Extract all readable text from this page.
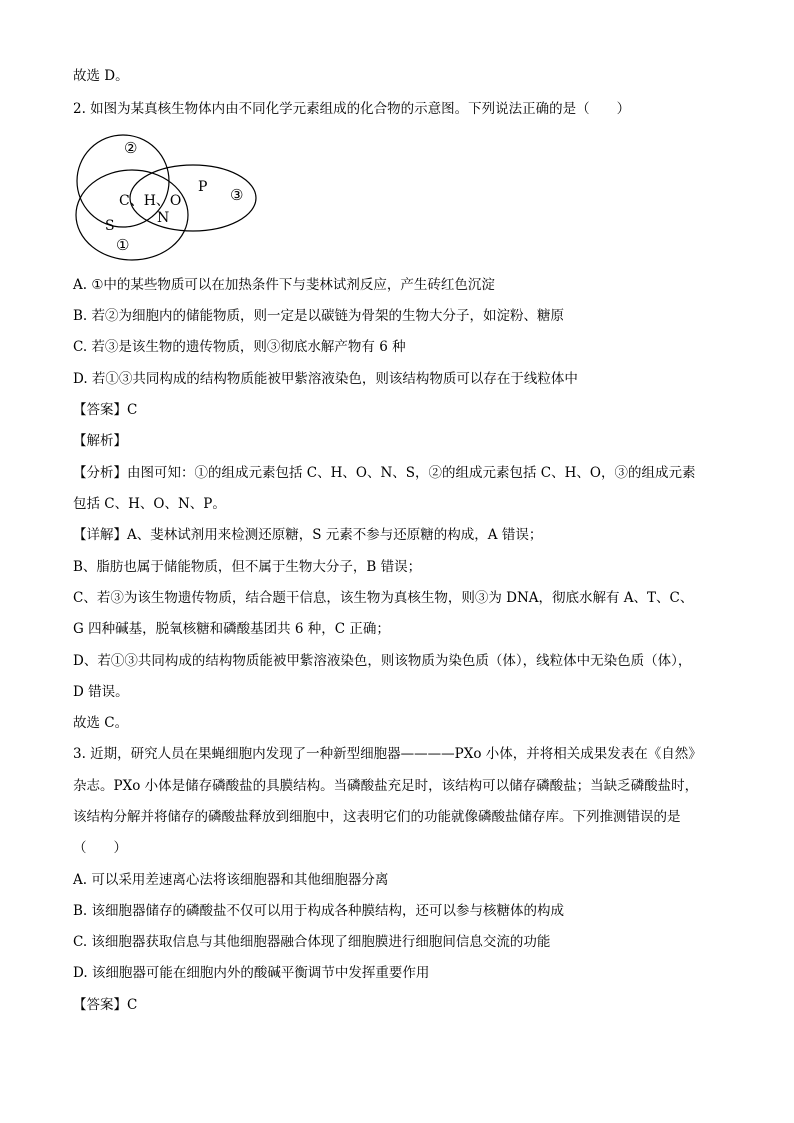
故选 D。
2. 如图为某真核生物体内由不同化学元素组成的化合物的示意图。下列说法正确的是（　　）
②
③
①
C、H、O
N
P
S
A. ①中的某些物质可以在加热条件下与斐林试剂反应，产生砖红色沉淀
B. 若②为细胞内的储能物质，则一定是以碳链为骨架的生物大分子，如淀粉、糖原
C. 若③是该生物的遗传物质，则③彻底水解产物有 6 种
D. 若①③共同构成的结构物质能被甲紫溶液染色，则该结构物质可以存在于线粒体中
【答案】C
【解析】
【分析】由图可知：①的组成元素包括 C、H、O、N、S，②的组成元素包括 C、H、O，③的组成元素
包括 C、H、O、N、P。
【详解】A、斐林试剂用来检测还原糖，S 元素不参与还原糖的构成，A 错误；
B、脂肪也属于储能物质，但不属于生物大分子，B 错误；
C、若③为该生物遗传物质，结合题干信息，该生物为真核生物，则③为 DNA，彻底水解有 A、T、C、
G 四种碱基，脱氧核糖和磷酸基团共 6 种，C 正确；
D、若①③共同构成的结构物质能被甲紫溶液染色，则该物质为染色质（体），线粒体中无染色质（体），
D 错误。
故选 C。
3. 近期，研究人员在果蝇细胞内发现了一种新型细胞器————PXo 小体，并将相关成果发表在《自然》
杂志。PXo 小体是储存磷酸盐的具膜结构。当磷酸盐充足时，该结构可以储存磷酸盐；当缺乏磷酸盐时，
该结构分解并将储存的磷酸盐释放到细胞中，这表明它们的功能就像磷酸盐储存库。下列推测错误的是
（　　）
A. 可以采用差速离心法将该细胞器和其他细胞器分离
B. 该细胞器储存的磷酸盐不仅可以用于构成各种膜结构，还可以参与核糖体的构成
C. 该细胞器获取信息与其他细胞器融合体现了细胞膜进行细胞间信息交流的功能
D. 该细胞器可能在细胞内外的酸碱平衡调节中发挥重要作用
【答案】C
